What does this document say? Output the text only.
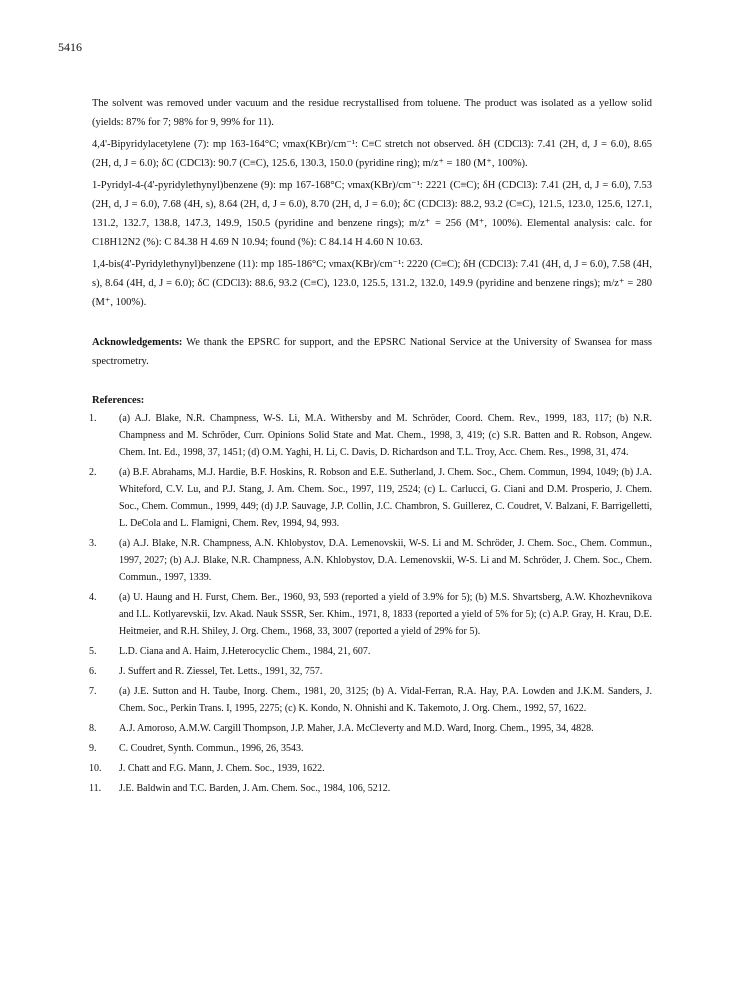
5416

The solvent was removed under vacuum and the residue recrystallised from toluene. The product was isolated as a yellow solid (yields: 87% for 7; 98% for 9, 99% for 11).

4,4'-Bipyridylacetylene (7): mp 163-164°C; νmax(KBr)/cm⁻¹: C≡C stretch not observed. δH (CDCl3): 7.41 (2H, d, J = 6.0), 8.65 (2H, d, J = 6.0); δC (CDCl3): 90.7 (C≡C), 125.6, 130.3, 150.0 (pyridine ring); m/z⁺ = 180 (M⁺, 100%).

1-Pyridyl-4-(4'-pyridylethynyl)benzene (9): mp 167-168°C; νmax(KBr)/cm⁻¹: 2221 (C≡C); δH (CDCl3): 7.41 (2H, d, J = 6.0), 7.53 (2H, d, J = 6.0), 7.68 (4H, s), 8.64 (2H, d, J = 6.0), 8.70 (2H, d, J = 6.0); δC (CDCl3): 88.2, 93.2 (C≡C), 121.5, 123.0, 125.6, 127.1, 131.2, 132.7, 138.8, 147.3, 149.9, 150.5 (pyridine and benzene rings); m/z⁺ = 256 (M⁺, 100%). Elemental analysis: calc. for C18H12N2 (%): C 84.38 H 4.69 N 10.94; found (%): C 84.14 H 4.60 N 10.63.

1,4-bis(4'-Pyridylethynyl)benzene (11): mp 185-186°C; νmax(KBr)/cm⁻¹: 2220 (C≡C); δH (CDCl3): 7.41 (4H, d, J = 6.0), 7.58 (4H, s), 8.64 (4H, d, J = 6.0); δC (CDCl3): 88.6, 93.2 (C≡C), 123.0, 125.5, 131.2, 132.0, 149.9 (pyridine and benzene rings); m/z⁺ = 280 (M⁺, 100%).

Acknowledgements: We thank the EPSRC for support, and the EPSRC National Service at the University of Swansea for mass spectrometry.
References:
1. (a) A.J. Blake, N.R. Champness, W-S. Li, M.A. Withersby and M. Schröder, Coord. Chem. Rev., 1999, 183, 117; (b) N.R. Champness and M. Schröder, Curr. Opinions Solid State and Mat. Chem., 1998, 3, 419; (c) S.R. Batten and R. Robson, Angew. Chem. Int. Ed., 1998, 37, 1451; (d) O.M. Yaghi, H. Li, C. Davis, D. Richardson and T.L. Troy, Acc. Chem. Res., 1998, 31, 474.
2. (a) B.F. Abrahams, M.J. Hardie, B.F. Hoskins, R. Robson and E.E. Sutherland, J. Chem. Soc., Chem. Commun, 1994, 1049; (b) J.A. Whiteford, C.V. Lu, and P.J. Stang, J. Am. Chem. Soc., 1997, 119, 2524; (c) L. Carlucci, G. Ciani and D.M. Prosperio, J. Chem. Soc., Chem. Commun., 1999, 449; (d) J.P. Sauvage, J.P. Collin, J.C. Chambron, S. Guillerez, C. Coudret, V. Balzani, F. Barrigelletti, L. DeCola and L. Flamigni, Chem. Rev, 1994, 94, 993.
3. (a) A.J. Blake, N.R. Champness, A.N. Khlobystov, D.A. Lemenovskii, W-S. Li and M. Schröder, J. Chem. Soc., Chem. Commun., 1997, 2027; (b) A.J. Blake, N.R. Champness, A.N. Khlobystov, D.A. Lemenovskii, W-S. Li and M. Schröder, J. Chem. Soc., Chem. Commun., 1997, 1339.
4. (a) U. Haung and H. Furst, Chem. Ber., 1960, 93, 593 (reported a yield of 3.9% for 5); (b) M.S. Shvartsberg, A.W. Khozhevnikova and I.L. Kotlyarevskii, Izv. Akad. Nauk SSSR, Ser. Khim., 1971, 8, 1833 (reported a yield of 5% for 5); (c) A.P. Gray, H. Krau, D.E. Heitmeier, and R.H. Shiley, J. Org. Chem., 1968, 33, 3007 (reported a yield of 29% for 5).
5. L.D. Ciana and A. Haim, J.Heterocyclic Chem., 1984, 21, 607.
6. J. Suffert and R. Ziessel, Tet. Letts., 1991, 32, 757.
7. (a) J.E. Sutton and H. Taube, Inorg. Chem., 1981, 20, 3125; (b) A. Vidal-Ferran, R.A. Hay, P.A. Lowden and J.K.M. Sanders, J. Chem. Soc., Perkin Trans. I, 1995, 2275; (c) K. Kondo, N. Ohnishi and K. Takemoto, J. Org. Chem., 1992, 57, 1622.
8. A.J. Amoroso, A.M.W. Cargill Thompson, J.P. Maher, J.A. McCleverty and M.D. Ward, Inorg. Chem., 1995, 34, 4828.
9. C. Coudret, Synth. Commun., 1996, 26, 3543.
10. J. Chatt and F.G. Mann, J. Chem. Soc., 1939, 1622.
11. J.E. Baldwin and T.C. Barden, J. Am. Chem. Soc., 1984, 106, 5212.
